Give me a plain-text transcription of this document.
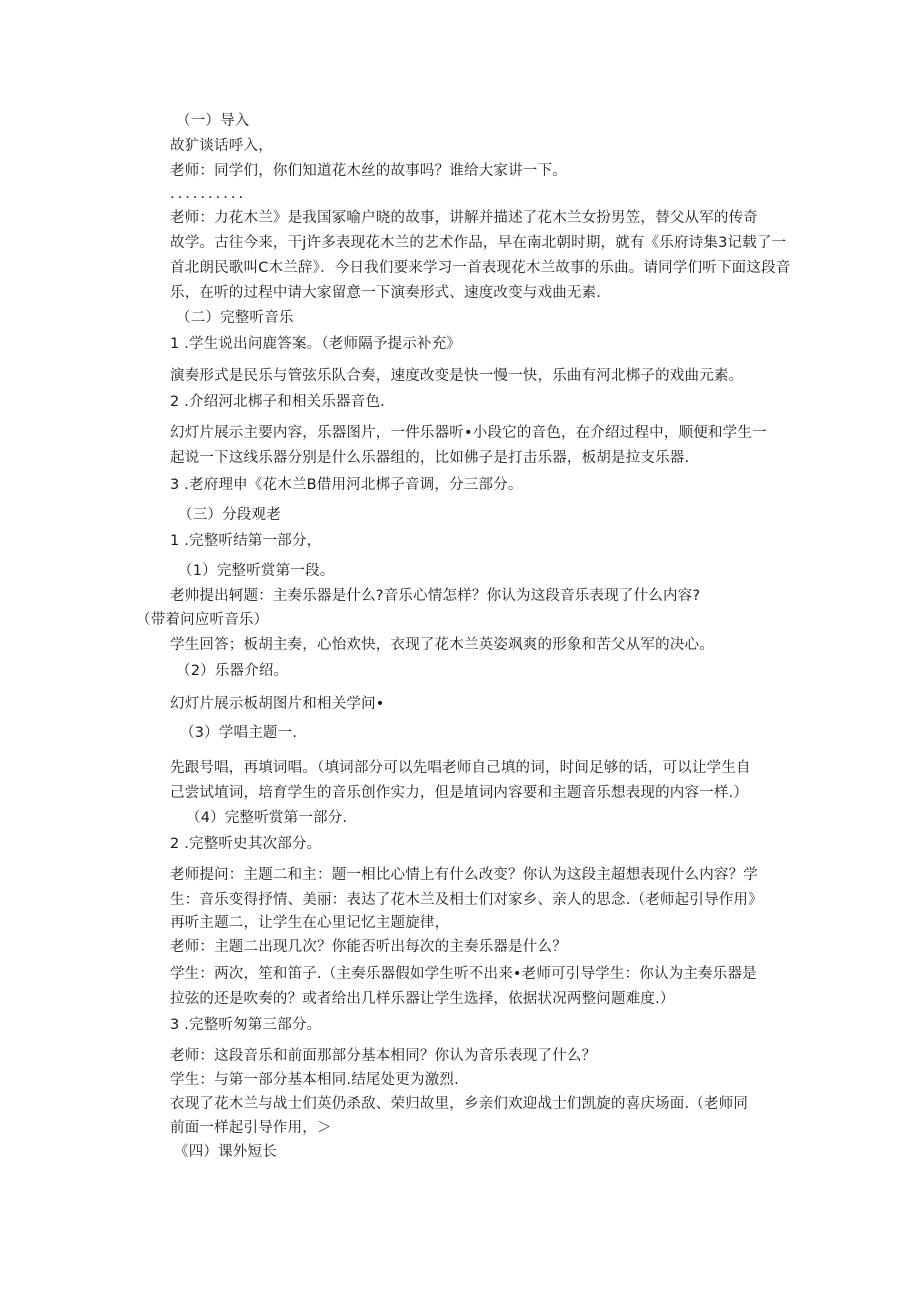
（一）导入
故犷谈话呼入，
老师：同学们，你们知道花木丝的故事吗？谁给大家讲一下。
..........
老师：力花木兰》是我国冢喻户晓的故事，讲解并描述了花木兰女扮男笠，替父从军的传奇
故学。古往今来，干j许多表现花木兰的艺术作品，早在南北朝时期，就有《乐府诗集3记载了一
首北朗民歌叫C木兰辞》．今日我们要来学习一首表现花木兰故事的乐曲。请同学们听下面这段音
乐，在听的过程中请大家留意一下演奏形式、速度改变与戏曲无素.
（二）完整听音乐
1 .学生说出问鹿答案。（老师隔予提示补充》
演奏形式是民乐与管弦乐队合奏，速度改变是快一慢一快，乐曲有河北梆子的戏曲元素。
2 .介绍河北梆子和相关乐器音色.
幻灯片展示主要内容，乐器图片，一件乐器听•小段它的音色，在介绍过程中，顺便和学生一
起说一下这线乐器分别是什么乐器组的，比如佛子是打击乐器，板胡是拉支乐器.
3 .老府理申《花木兰B借用河北梆子音调，分三部分。
（三）分段观老
1 .完整听结第一部分，
（1）完整听赏第一段。
老帅提出轲题：主奏乐器是什么?音乐心情怎样？你认为这段音乐表现了什么内容?
（带着问应听音乐）
学生回答；板胡主奏，心怡欢快，衣现了花木兰英姿飒爽的形象和苦父从军的决心。
（2）乐器介绍。
幻灯片展示板胡图片和相关学问•
（3）学唱主题一.
先跟号唱，再填词唱。（填词部分可以先唱老师自己填的词，时间足够的话，可以让学生自
己尝试埴词，培育学生的音乐创作实力，但是埴词内容要和主题音乐想表现的内容一样.）
（4）完整听赏第一部分.
2 .完整听史其次部分。
老师提问：主题二和主：题一相比心情上有什么改变？你认为这段主超想表现什么内容？学
生：音乐变得抒情、美丽：表达了花木兰及相士们对家乡、亲人的思念.（老师起引导作用》
再听主题二，让学生在心里记忆主题旋律，
老师：主题二出现几次？你能否听出每次的主奏乐器是什么？
学生：两次，笙和笛子.（主奏乐器假如学生听不出来•老师可引导学生：你认为主奏乐器是
拉弦的还是吹奏的？或者给出几样乐器让学生选择，依据状况两整问题难度.）
3 .完整听匆第三部分。
老师：这段音乐和前面那部分基本相同？你认为音乐表现了什么？
学生：与第一部分基本相同.结尾处更为激烈.
衣现了花木兰与战士们英仍杀敌、荣归故里，乡亲们欢迎战士们凯旋的喜庆场面.（老师同
前面一样起引导作用，＞
《四）课外短长
